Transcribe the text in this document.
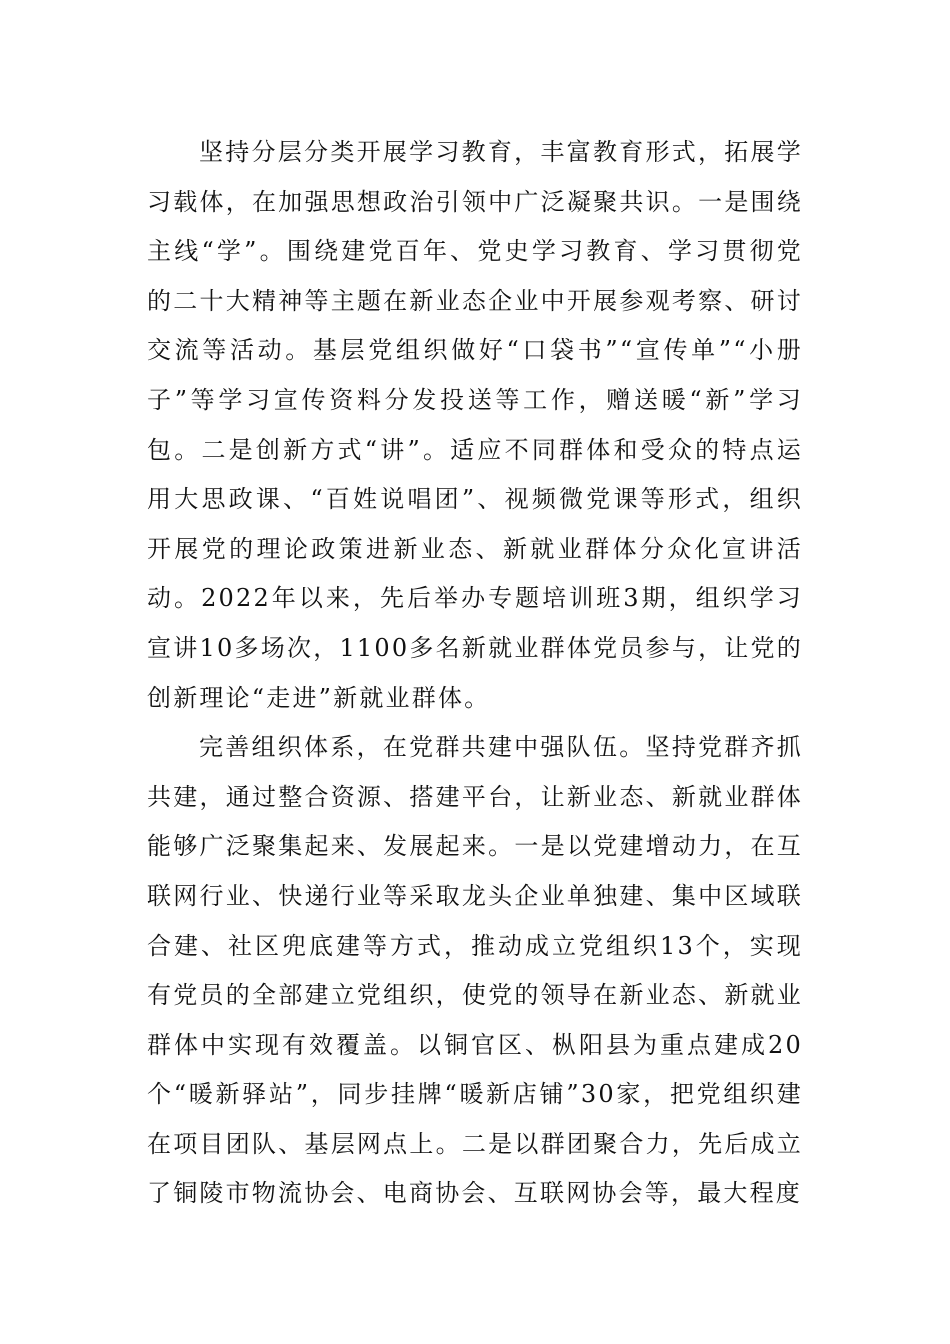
坚持分层分类开展学习教育，丰富教育形式，拓展学习载体，在加强思想政治引领中广泛凝聚共识。一是围绕主线“学”。围绕建党百年、党史学习教育、学习贯彻党的二十大精神等主题在新业态企业中开展参观考察、研讨交流等活动。基层党组织做好“口袋书”“宣传单”“小册子”等学习宣传资料分发投送等工作，赠送暖“新”学习包。二是创新方式“讲”。适应不同群体和受众的特点运用大思政课、“百姓说唱团”、视频微党课等形式，组织开展党的理论政策进新业态、新就业群体分众化宣讲活动。2022年以来，先后举办专题培训班3期，组织学习宣讲10多场次，1100多名新就业群体党员参与，让党的创新理论“走进”新就业群体。

完善组织体系，在党群共建中强队伍。坚持党群齐抓共建，通过整合资源、搭建平台，让新业态、新就业群体能够广泛聚集起来、发展起来。一是以党建增动力，在互联网行业、快递行业等采取龙头企业单独建、集中区域联合建、社区兜底建等方式，推动成立党组织13个，实现有党员的全部建立党组织，使党的领导在新业态、新就业群体中实现有效覆盖。以铜官区、枞阳县为重点建成20个“暖新驿站”，同步挂牌“暖新店铺”30家，把党组织建在项目团队、基层网点上。二是以群团聚合力，先后成立了铜陵市物流协会、电商协会、互联网协会等，最大程度
